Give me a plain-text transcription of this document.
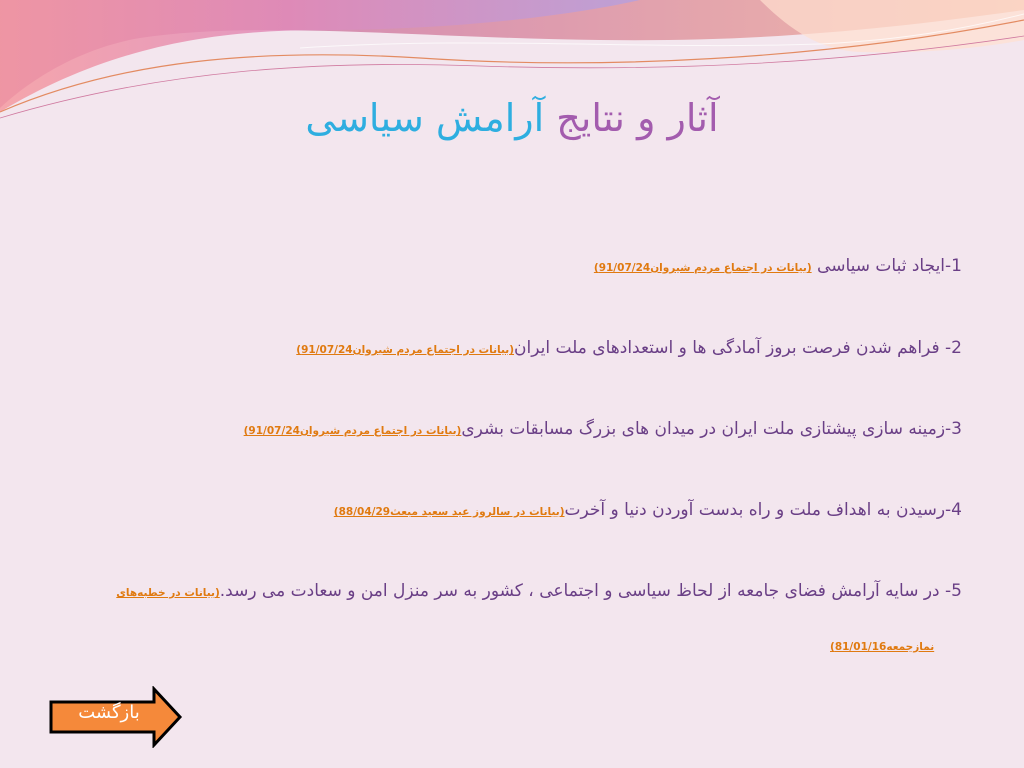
آثار و نتایج آرامش سیاسی
1-ایجاد ثبات سیاسی (بیانات در اجتماع مردم شیروان91/07/24)
2- فراهم شدن فرصت بروز آمادگی ها و استعدادهای ملت ایران(بیانات در اجتماع مردم شیروان91/07/24)
3-زمینه سازی پیشتازی ملت ایران در میدان های بزرگ مسابقات بشری(بیانات در اجتماع مردم شیروان91/07/24)
4-رسیدن به اهداف ملت و راه بدست آوردن دنیا و آخرت(بیانات در سالروز عید سعید مبعث88/04/29)
5- در سایه آرامش فضای جامعه از لحاظ سیاسی و اجتماعی ، کشور به سر منزل امن و سعادت می رسد.(بیانات در خطبه‌های
نمازجمعه81/01/16)
بازگشت
